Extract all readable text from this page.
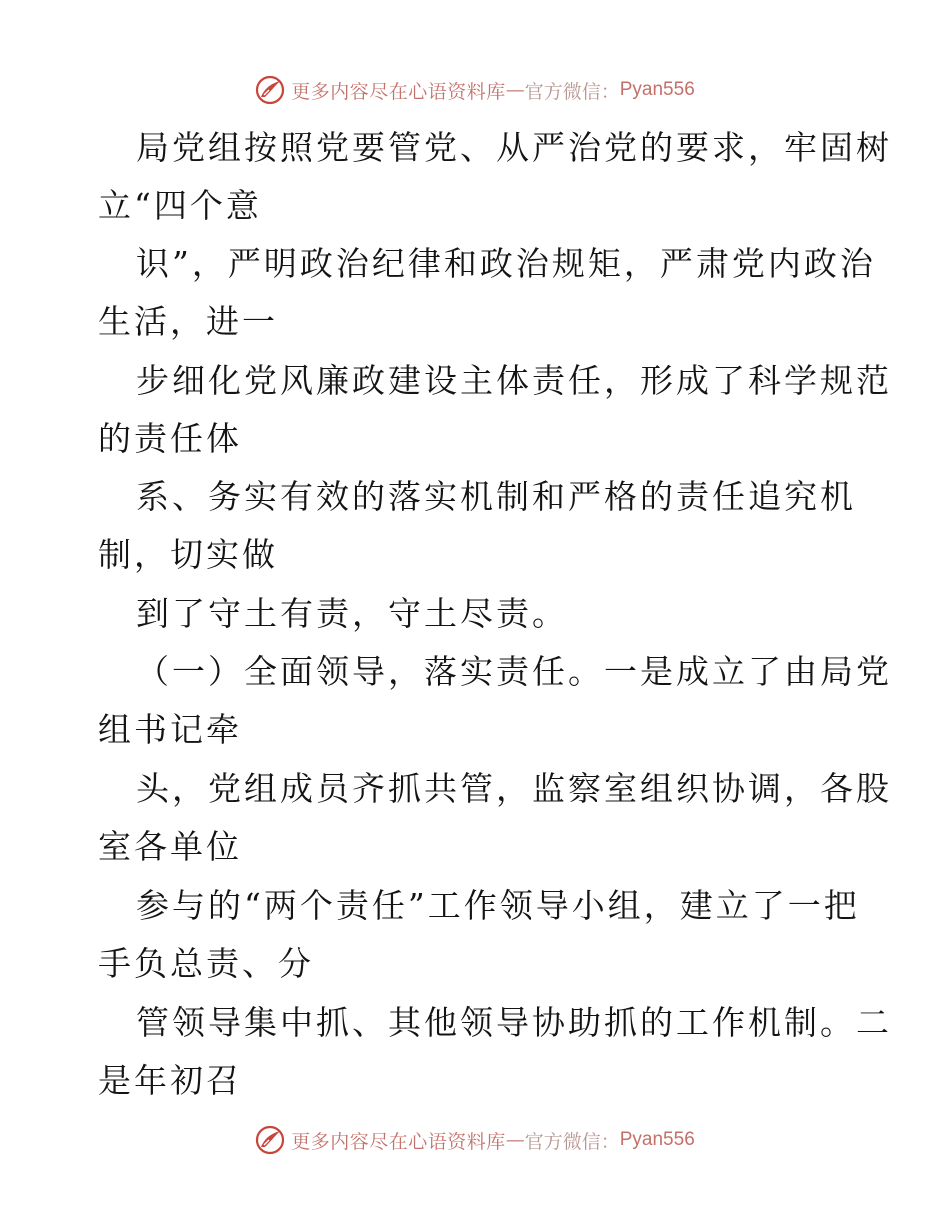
更多内容尽在心语资料库 — 官方微信： Pyan556
局党组按照党要管党、从严治党的要求，牢固树
立“四个意
识”，严明政治纪律和政治规矩，严肃党内政治
生活，进一
步细化党风廉政建设主体责任，形成了科学规范
的责任体
系、务实有效的落实机制和严格的责任追究机
制，切实做
到了守土有责，守土尽责。
（一）全面领导，落实责任。一是成立了由局党
组书记牵
头，党组成员齐抓共管，监察室组织协调，各股
室各单位
参与的“两个责任”工作领导小组，建立了一把
手负总责、分
管领导集中抓、其他领导协助抓的工作机制。二
是年初召
更多内容尽在心语资料库 — 官方微信： Pyan556
